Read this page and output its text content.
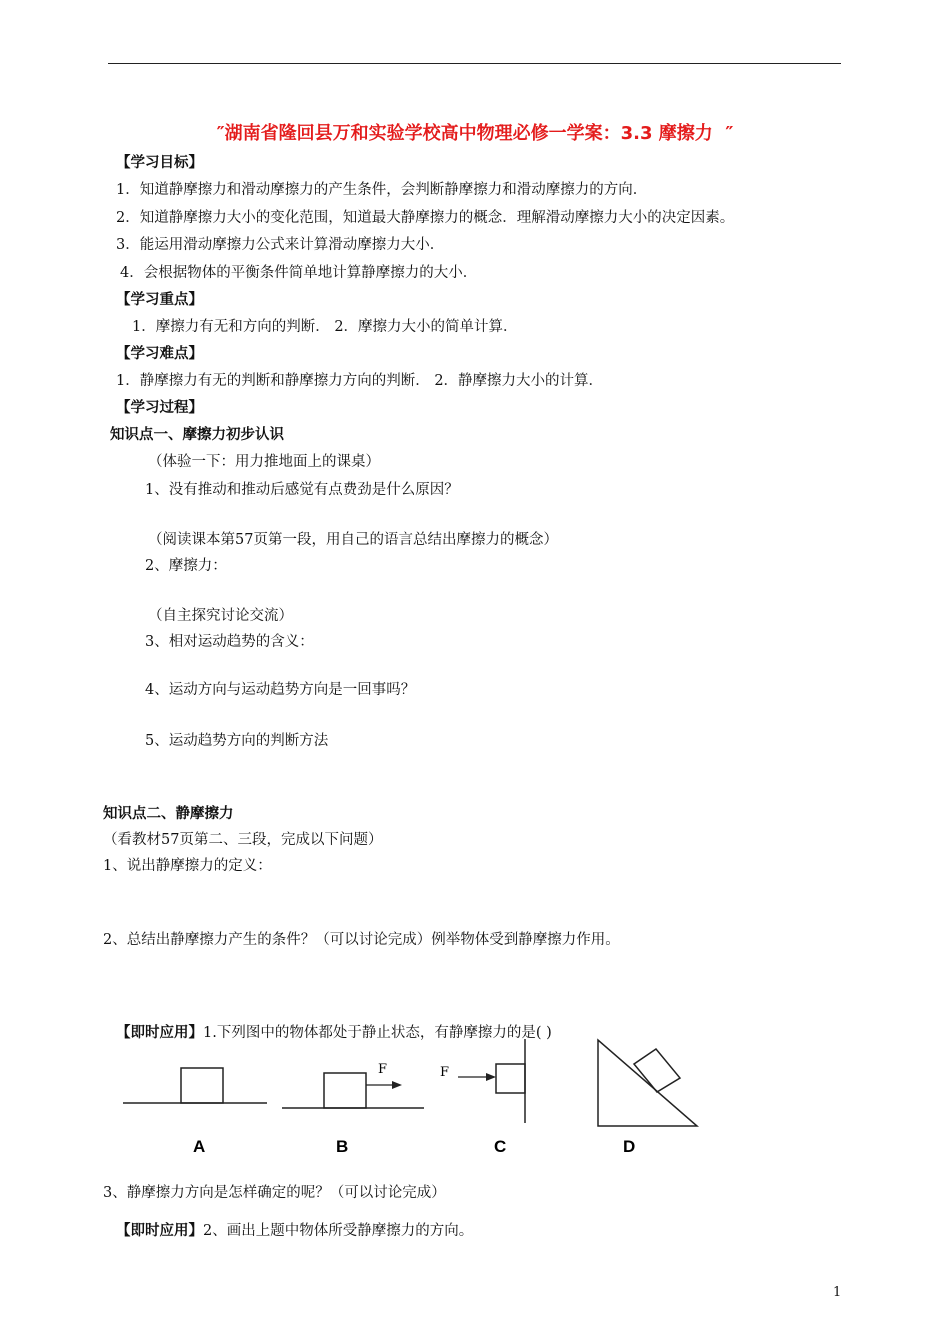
″湖南省隆回县万和实验学校高中物理必修一学案：3.3 摩擦力  ″
【学习目标】
1．知道静摩擦力和滑动摩擦力的产生条件，会判断静摩擦力和滑动摩擦力的方向．
2．知道静摩擦力大小的变化范围，知道最大静摩擦力的概念．理解滑动摩擦力大小的决定因素。
3．能运用滑动摩擦力公式来计算滑动摩擦力大小．
4．会根据物体的平衡条件简单地计算静摩擦力的大小．
【学习重点】
1．摩擦力有无和方向的判断． 2．摩擦力大小的简单计算．
【学习难点】
1．静摩擦力有无的判断和静摩擦力方向的判断． 2．静摩擦力大小的计算．
【学习过程】
知识点一、摩擦力初步认识
（体验一下：用力推地面上的课桌）
1、没有推动和推动后感觉有点费劲是什么原因？
（阅读课本第57页第一段，用自己的语言总结出摩擦力的概念）
2、摩擦力：
（自主探究讨论交流）
3、相对运动趋势的含义：
4、运动方向与运动趋势方向是一回事吗？
5、运动趋势方向的判断方法
知识点二、静摩擦力
（看教材57页第二、三段，完成以下问题）
1、说出静摩擦力的定义：
2、总结出静摩擦力产生的条件？（可以讨论完成）例举物体受到静摩擦力作用。
【即时应用】1.下列图中的物体都处于静止状态，有静摩擦力的是( )
F	F
A	B	C	D
3、静摩擦力方向是怎样确定的呢？（可以讨论完成）
【即时应用】2、画出上题中物体所受静摩擦力的方向。
1
